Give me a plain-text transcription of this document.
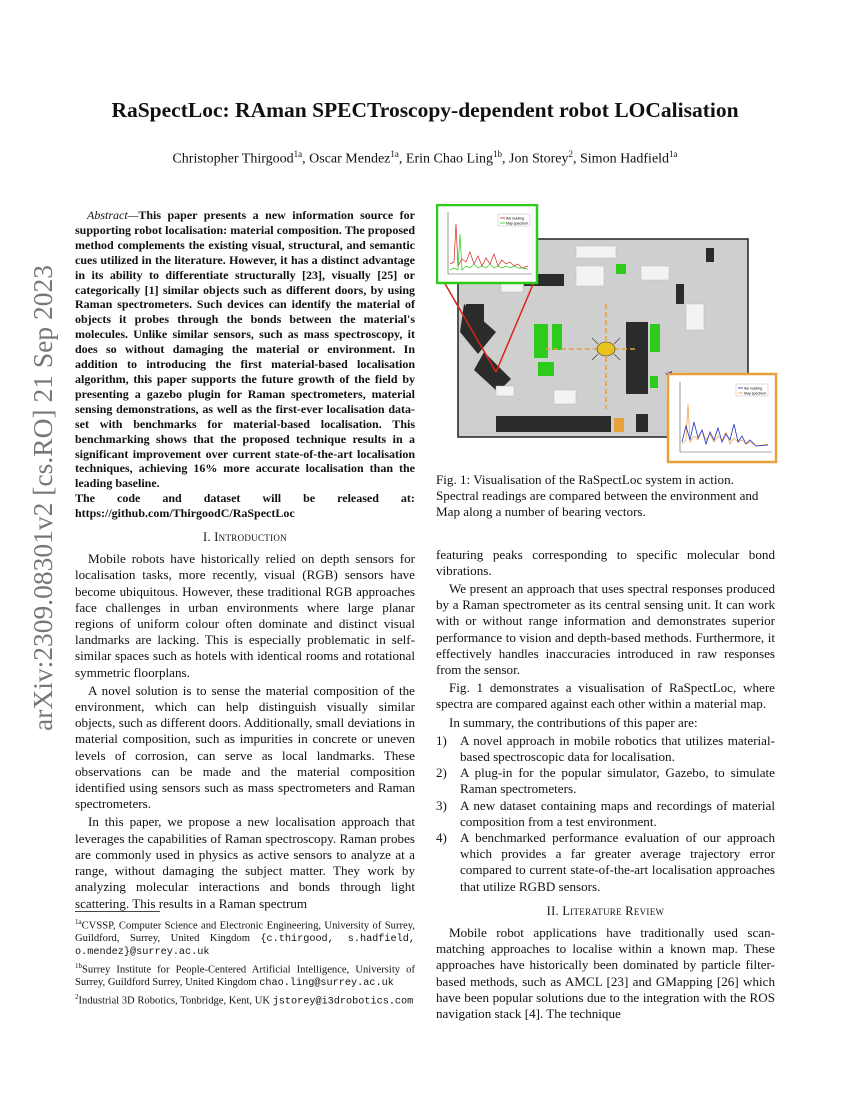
arXiv:2309.08301v2 [cs.RO] 21 Sep 2023
RaSpectLoc: RAman SPECTroscopy-dependent robot LOCalisation
Christopher Thirgood$^{1a}$, Oscar Mendez$^{1a}$, Erin Chao Ling$^{1b}$, Jon Storey$^2$, Simon Hadfield$^{1a}$
Abstract—This paper presents a new information source for supporting robot localisation: material composition. The proposed method complements the existing visual, structural, and semantic cues utilized in the literature. However, it has a distinct advantage in its ability to differentiate structurally [23], visually [25] or categorically [1] similar objects such as different doors, by using Raman spectrometers. Such devices can identify the material of objects it probes through the bonds between the material's molecules. Unlike similar sensors, such as mass spectroscopy, it does so without damaging the material or environment. In addition to introducing the first material-based localisation algorithm, this paper supports the future growth of the field by presenting a gazebo plugin for Raman spectrometers, material sensing demonstrations, as well as the first-ever localisation data-set with benchmarks for material-based localisation. This benchmarking shows that the proposed technique results in a significant improvement over current state-of-the-art localisation techniques, achieving 16% more accurate localisation than the leading baseline.
The code and dataset will be released at:
https://github.com/ThirgoodC/RaSpectLoc
I. Introduction

Mobile robots have historically relied on depth sensors for localisation tasks, more recently, visual (RGB) sensors have become ubiquitous. However, these traditional RGB approaches face challenges in urban environments where large planar regions of uniform colour often dominate and distinct visual landmarks are lacking. This is especially problematic in self-similar spaces such as hotels with identical rooms and rotational symmetric floorplans.

A novel solution is to sense the material composition of the environment, which can help distinguish visually similar objects, such as different doors. Additionally, small deviations in material composition, such as impurities in concrete or uneven levels of corrosion, can serve as local landmarks. These observations can be made and the material composition identified using sensors such as mass spectrometers and Raman spectrometers.

In this paper, we propose a new localisation approach that leverages the capabilities of Raman spectroscopy. Raman probes are commonly used in physics as active sensors to analyze at a range, without damaging the subject matter. They work by analyzing molecular interactions and bonds through light scattering. This results in a Raman spectrum

live reading
Map spectrum
live reading
Map spectrum
Fig. 1: Visualisation of the RaSpectLoc system in action. Spectral readings are compared between the environment and Map along a number of bearing vectors.

featuring peaks corresponding to specific molecular bond vibrations.

We present an approach that uses spectral responses produced by a Raman spectrometer as its central sensing unit. It can work with or without range information and demonstrates superior performance to vision and depth-based methods. Furthermore, it effectively handles inaccuracies introduced in raw responses from the sensor.

Fig. 1 demonstrates a visualisation of RaSpectLoc, where spectra are compared against each other within a material map.

In summary, the contributions of this paper are:

1) A novel approach in mobile robotics that utilizes material-based spectroscopic data for localisation.
2) A plug-in for the popular simulator, Gazebo, to simulate Raman spectrometers.
3) A new dataset containing maps and recordings of material composition from a test environment.
4) A benchmarked performance evaluation of our approach which provides a far greater average trajectory error compared to current state-of-the-art localisation approaches that utilize RGBD sensors.
II. Literature Review

Mobile robot applications have traditionally used scan-matching approaches to localise within a known map. These approaches have historically been dominated by particle filter-based methods, such as AMCL [23] and GMapping [26] which have been popular solutions due to the integration with the ROS navigation stack [4]. The technique

$^{1a}$CVSSP, Computer Science and Electronic Engineering, University of Surrey, Guildford, Surrey, United Kingdom {c.thirgood, s.hadfield, o.mendez}@surrey.ac.uk
$^{1b}$Surrey Institute for People-Centered Artificial Intelligence, University of Surrey, Guildford Surrey, United Kingdom chao.ling@surrey.ac.uk
$^2$Industrial 3D Robotics, Tonbridge, Kent, UK jstorey@i3drobotics.com
